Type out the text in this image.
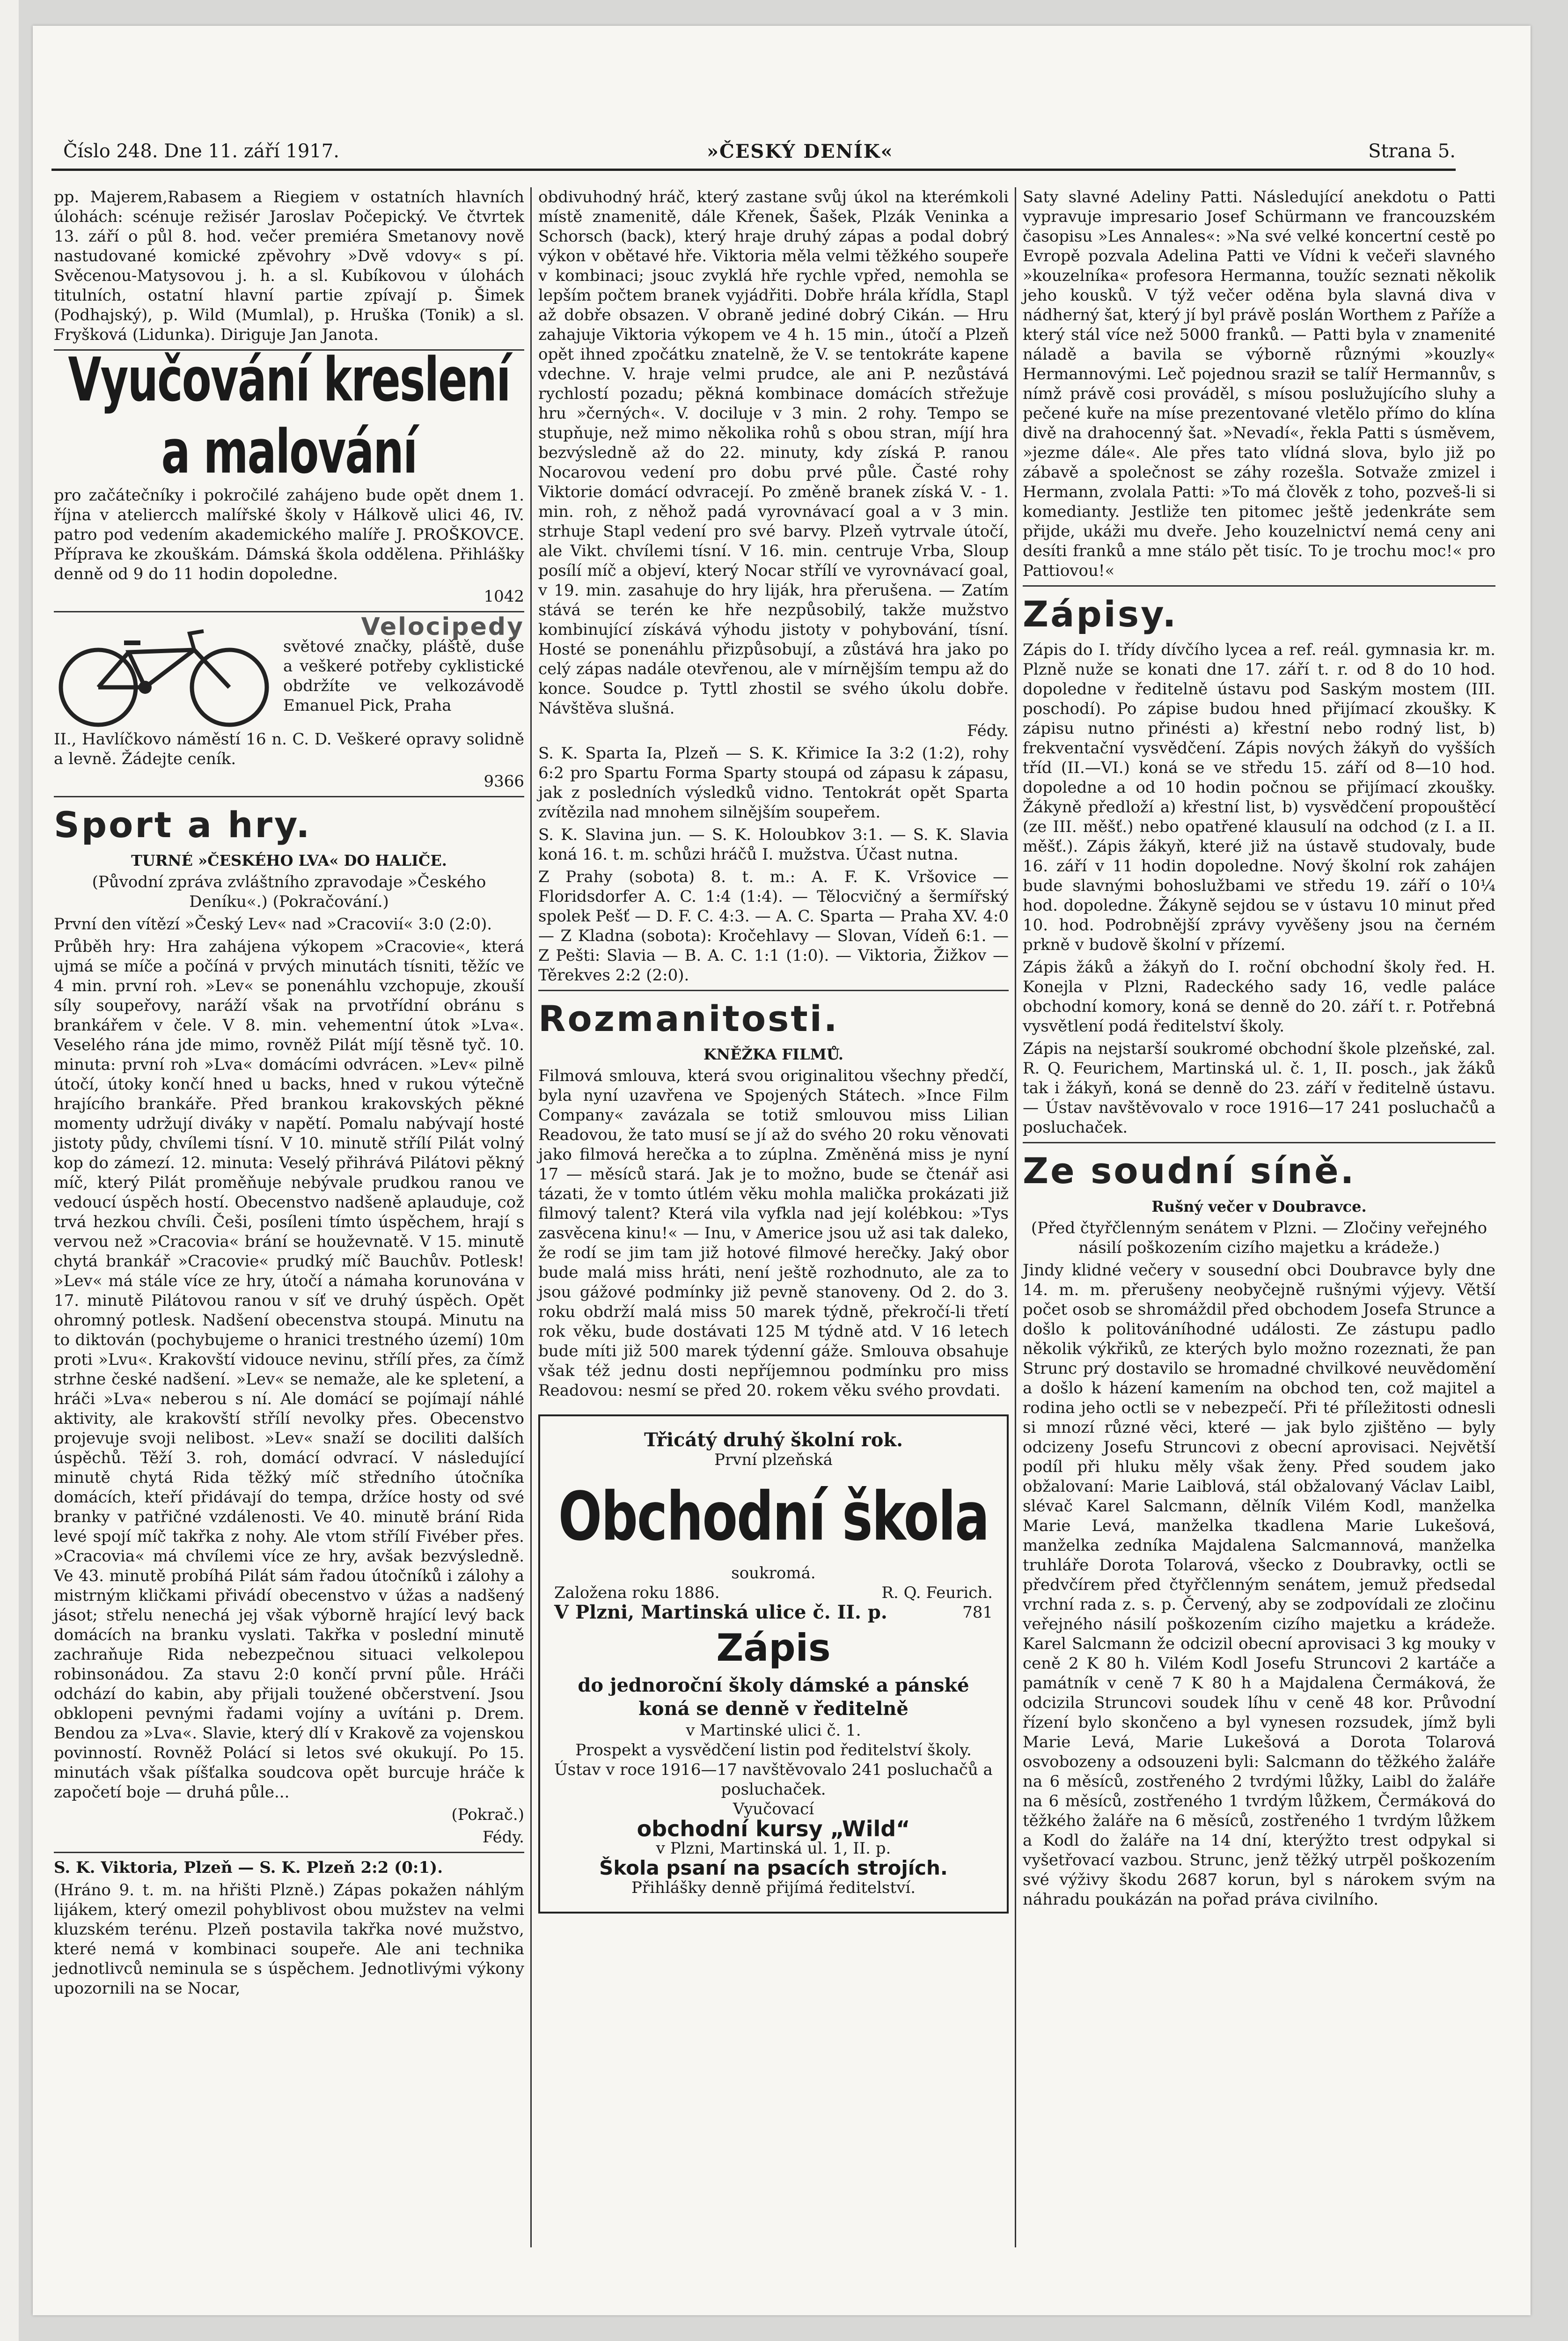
Číslo 248. Dne 11. září 1917.	»ČESKÝ DENÍK«	Strana 5.

pp. Majerem,Rabasem a Riegiem v ostatních hlavních úlohách: scénuje režisér Jaroslav Počepický. Ve čtvrtek 13. září o půl 8. hod. večer premiéra Smetanovy nově nastudované komické zpěvohry »Dvě vdovy« s pí. Svěcenou-Matysovou j. h. a sl. Kubíkovou v úlohách titulních, ostatní hlavní partie zpívají p. Šimek (Podhajský), p. Wild (Mumlal), p. Hruška (Tonik) a sl. Fryšková (Lidunka). Diriguje Jan Janota.

Vyučování kreslení a malování

pro začátečníky i pokročilé zahájeno bude opět dnem 1. října v ateliercch malířské školy v Hálkově ulici 46, IV. patro pod vedením akademického malíře J. PROŠKOVCE. Příprava ke zkouškám. Dámská škola oddělena. Přihlášky denně od 9 do 11 hodin dopoledne.

1042

Velocipedy

světové značky, pláště, duše a veškeré potřeby cyklistické obdržíte ve velkozávodě Emanuel Pick, Praha

II., Havlíčkovo náměstí 16 n. C. D. Veškeré opravy solidně a levně. Žádejte ceník.

9366

Sport a hry.
TURNÉ »ČESKÉHO LVA« DO HALIČE.

(Původní zpráva zvláštního zpravodaje »Českého Deníku«.) (Pokračování.)

První den vítězí »Český Lev« nad »Cracovií« 3:0 (2:0).

Průběh hry: Hra zahájena výkopem »Cracovie«, která ujmá se míče a počíná v prvých minutách tísniti, těžíc ve 4 min. první roh. »Lev« se ponenáhlu vzchopuje, zkouší síly soupeřovy, naráží však na prvotřídní obránu s brankářem v čele. V 8. min. vehementní útok »Lva«. Veselého rána jde mimo, rovněž Pilát míjí těsně tyč. 10. minuta: první roh »Lva« domácími odvrácen. »Lev« pilně útočí, útoky končí hned u backs, hned v rukou výtečně hrajícího brankáře. Před brankou krakovských pěkné momenty udržují diváky v napětí. Pomalu nabývají hosté jistoty půdy, chvílemi tísní. V 10. minutě střílí Pilát volný kop do zámezí. 12. minuta: Veselý přihrává Pilátovi pěkný míč, který Pilát proměňuje nebývale prudkou ranou ve vedoucí úspěch hostí. Obecenstvo nadšeně aplauduje, což trvá hezkou chvíli. Češi, posíleni tímto úspěchem, hrají s vervou než »Cracovia« brání se houževnatě. V 15. minutě chytá brankář »Cracovie« prudký míč Bauchův. Potlesk! »Lev« má stále více ze hry, útočí a námaha korunována v 17. minutě Pilátovou ranou v síť ve druhý úspěch. Opět ohromný potlesk. Nadšení obecenstva stoupá. Minutu na to diktován (pochybujeme o hranici trestného území) 10m proti »Lvu«. Krakovští vidouce nevinu, střílí přes, za čímž strhne české nadšení. »Lev« se nemaže, ale ke spletení, a hráči »Lva« neberou s ní. Ale domácí se pojímají náhlé aktivity, ale krakovští střílí nevolky přes. Obecenstvo projevuje svoji nelibost. »Lev« snaží se dociliti dalších úspěchů. Těží 3. roh, domácí odvrací. V následující minutě chytá Rida těžký míč středního útočníka domácích, kteří přidávají do tempa, držíce hosty od své branky v patřičné vzdálenosti. Ve 40. minutě brání Rida levé spojí míč takřka z nohy. Ale vtom střílí Fivéber přes. »Cracovia« má chvílemi více ze hry, avšak bezvýsledně. Ve 43. minutě probíhá Pilát sám řadou útočníků i zálohy a mistrným kličkami přivádí obecenstvo v úžas a nadšený jásot; střelu nenechá jej však výborně hrající levý back domácích na branku vyslati. Takřka v poslední minutě zachraňuje Rida nebezpečnou situaci velkolepou robinsonádou. Za stavu 2:0 končí první půle. Hráči odchází do kabin, aby přijali toužené občerstvení. Jsou obklopeni pevnými řadami vojíny a uvítáni p. Drem. Bendou za »Lva«. Slavie, který dlí v Krakově za vojenskou povinností. Rovněž Polácí si letos své okukují. Po 15. minutách však píšťalka soudcova opět burcuje hráče k započetí boje — druhá půle...

(Pokrač.)

Fédy.

S. K. Viktoria, Plzeň — S. K. Plzeň 2:2 (0:1).

(Hráno 9. t. m. na hřišti Plzně.) Zápas pokažen náhlým lijákem, který omezil pohyblivost obou mužstev na velmi kluzském terénu. Plzeň postavila takřka nové mužstvo, které nemá v kombinaci soupeře. Ale ani technika jednotlivců neminula se s úspěchem. Jednotlivými výkony upozornili na se Nocar,

obdivuhodný hráč, který zastane svůj úkol na kterémkoli místě znamenitě, dále Křenek, Šašek, Plzák Veninka a Schorsch (back), který hraje druhý zápas a podal dobrý výkon v obětavé hře. Viktoria měla velmi těžkého soupeře v kombinaci; jsouc zvyklá hře rychle vpřed, nemohla se lepším počtem branek vyjádřiti. Dobře hrála křídla, Stapl až dobře obsazen. V obraně jediné dobrý Cikán. — Hru zahajuje Viktoria výkopem ve 4 h. 15 min., útočí a Plzeň opět ihned zpočátku znatelně, že V. se tentokráte kapene vdechne. V. hraje velmi prudce, ale ani P. nezůstává rychlostí pozadu; pěkná kombinace domácích střežuje hru »černých«. V. dociluje v 3 min. 2 rohy. Tempo se stupňuje, než mimo několika rohů s obou stran, míjí hra bezvýsledně až do 22. minuty, kdy získá P. ranou Nocarovou vedení pro dobu prvé půle. Časté rohy Viktorie domácí odvracejí. Po změně branek získá V. - 1. min. roh, z něhož padá vyrovnávací goal a v 3 min. strhuje Stapl vedení pro své barvy. Plzeň vytrvale útočí, ale Vikt. chvílemi tísní. V 16. min. centruje Vrba, Sloup posílí míč a objeví, který Nocar střílí ve vyrovnávací goal, v 19. min. zasahuje do hry liják, hra přerušena. — Zatím stává se terén ke hře nezpůsobilý, takže mužstvo kombinující získává výhodu jistoty v pohybování, tísní. Hosté se ponenáhlu přizpůsobují, a zůstává hra jako po celý zápas nadále otevřenou, ale v mírnějším tempu až do konce. Soudce p. Tyttl zhostil se svého úkolu dobře. Návštěva slušná.

Fédy.

S. K. Sparta Ia, Plzeň — S. K. Křimice Ia 3:2 (1:2), rohy 6:2 pro Spartu Forma Sparty stoupá od zápasu k zápasu, jak z posledních výsledků vidno. Tentokrát opět Sparta zvítězila nad mnohem silnějším soupeřem.

S. K. Slavina jun. — S. K. Holoubkov 3:1. — S. K. Slavia koná 16. t. m. schůzi hráčů I. mužstva. Účast nutna.

Z Prahy (sobota) 8. t. m.: A. F. K. Vršovice — Floridsdorfer A. C. 1:4 (1:4). — Tělocvičný a šermířský spolek Pešť — D. F. C. 4:3. — A. C. Sparta — Praha XV. 4:0 — Z Kladna (sobota): Kročehlavy — Slovan, Vídeň 6:1. — Z Pešti: Slavia — B. A. C. 1:1 (1:0). — Viktoria, Žižkov — Těrekves 2:2 (2:0).

Rozmanitosti.
KNĚŽKA FILMŮ.

Filmová smlouva, která svou originalitou všechny předčí, byla nyní uzavřena ve Spojených Státech. »Ince Film Company« zavázala se totiž smlouvou miss Lilian Readovou, že tato musí se jí až do svého 20 roku věnovati jako filmová herečka a to zúplna. Změněná miss je nyní 17 — měsíců stará. Jak je to možno, bude se čtenář asi tázati, že v tomto útlém věku mohla malička prokázati již filmový talent? Která vila vyfkla nad její kolébkou: »Tys zasvěcena kinu!« — Inu, v Americe jsou už asi tak daleko, že rodí se jim tam již hotové filmové herečky. Jaký obor bude malá miss hráti, není ještě rozhodnuto, ale za to jsou gážové podmínky již pevně stanoveny. Od 2. do 3. roku obdrží malá miss 50 marek týdně, překročí-li třetí rok věku, bude dostávati 125 M týdně atd. V 16 letech bude míti již 500 marek týdenní gáže. Smlouva obsahuje však též jednu dosti nepříjemnou podmínku pro miss Readovou: nesmí se před 20. rokem věku svého provdati.

Třicátý druhý školní rok.
První plzeňská
Obchodní škola
soukromá.
Založena roku 1886.	R. Q. Feurich.
V Plzni, Martinská ulice č. II. p.	781
Zápis
do jednoroční školy dámské a pánské koná se denně v ředitelně
v Martinské ulici č. 1.
Prospekt a vysvědčení listin pod ředitelství školy.
Ústav v roce 1916—17 navštěvovalo 241 posluchačů a posluchaček.
Vyučovací
obchodní kursy „Wild“
v Plzni, Martinská ul. 1, II. p.
Škola psaní na psacích strojích.
Přihlášky denně přijímá ředitelství.

Saty slavné Adeliny Patti. Následující anekdotu o Patti vypravuje impresario Josef Schürmann ve francouzském časopisu »Les Annales«: »Na své velké koncertní cestě po Evropě pozvala Adelina Patti ve Vídni k večeři slavného »kouzelníka« profesora Hermanna, toužíc seznati několik jeho kousků. V týž večer oděna byla slavná diva v nádherný šat, který jí byl právě poslán Worthem z Paříže a který stál více než 5000 franků. — Patti byla v znamenité náladě a bavila se výborně různými »kouzly« Hermannovými. Leč pojednou sraził se talíř Hermannův, s nímž právě cosi prováděl, s mísou poslužujícího sluhy a pečené kuře na míse prezentované vletělo přímo do klína divě na drahocenný šat. »Nevadí«, řekla Patti s úsměvem, »jezme dále«. Ale přes tato vlídná slova, bylo již po zábavě a společnost se záhy rozešla. Sotvaže zmizel i Hermann, zvolala Patti: »To má člověk z toho, pozveš-li si komedianty. Jestliže ten pitomec ještě jedenkráte sem přijde, ukáži mu dveře. Jeho kouzelnictví nemá ceny ani desíti franků a mne stálo pět tisíc. To je trochu moc!« pro Pattiovou!«

Zápisy.

Zápis do I. třídy dívčího lycea a ref. reál. gymnasia kr. m. Plzně nuže se konati dne 17. září t. r. od 8 do 10 hod. dopoledne v ředitelně ústavu pod Saským mostem (III. poschodí). Po zápise budou hned přijímací zkoušky. K zápisu nutno přinésti a) křestní nebo rodný list, b) frekventační vysvědčení. Zápis nových žákyň do vyšších tříd (II.—VI.) koná se ve středu 15. září od 8—10 hod. dopoledne a od 10 hodin počnou se přijímací zkoušky. Žákyně předloží a) křestní list, b) vysvědčení propouštěcí (ze III. měšť.) nebo opatřené klausulí na odchod (z I. a II. měšť.). Zápis žákyň, které již na ústavě studovaly, bude 16. září v 11 hodin dopoledne. Nový školní rok zahájen bude slavnými bohoslužbami ve středu 19. září o 10¼ hod. dopoledne. Žákyně sejdou se v ústavu 10 minut před 10. hod. Podrobnější zprávy vyvěšeny jsou na černém prkně v budově školní v přízemí.

Zápis žáků a žákyň do I. roční obchodní školy řed. H. Konejla v Plzni, Radeckého sady 16, vedle paláce obchodní komory, koná se denně do 20. září t. r. Potřebná vysvětlení podá ředitelství školy.

Zápis na nejstarší soukromé obchodní škole plzeňské, zal. R. Q. Feurichem, Martinská ul. č. 1, II. posch., jak žáků tak i žákyň, koná se denně do 23. září v ředitelně ústavu. — Ústav navštěvovalo v roce 1916—17 241 posluchačů a posluchaček.

Ze soudní síně.
Rušný večer v Doubravce.

(Před čtyřčlenným senátem v Plzni. — Zločiny veřejného násilí poškozením cizího majetku a krádeže.)

Jindy klidné večery v sousední obci Doubravce byly dne 14. m. m. přerušeny neobyčejně rušnými výjevy. Větší počet osob se shromáždil před obchodem Josefa Strunce a došlo k politováníhodné události. Ze zástupu padlo několik výkřiků, ze kterých bylo možno rozeznati, že pan Strunc prý dostavilo se hromadné chvilkové neuvědomění a došlo k házení kamením na obchod ten, což majitel a rodina jeho octli se v nebezpečí. Při té příležitosti odnesli si mnozí různé věci, které — jak bylo zjištěno — byly odcizeny Josefu Struncovi z obecní aprovisaci. Největší podíl při hluku měly však ženy. Před soudem jako obžalovaní: Marie Laiblová, stál obžalovaný Václav Laibl, slévač Karel Salcmann, dělník Vilém Kodl, manželka Marie Levá, manželka tkadlena Marie Lukešová, manželka zedníka Majdalena Salcmannová, manželka truhláře Dorota Tolarová, všecko z Doubravky, octli se předvčírem před čtyřčlenným senátem, jemuž předsedal vrchní rada z. s. p. Červený, aby se zodpovídali ze zločinu veřejného násilí poškozením cizího majetku a krádeže. Karel Salcmann že odcizil obecní aprovisaci 3 kg mouky v ceně 2 K 80 h. Vilém Kodl Josefu Struncovi 2 kartáče a památník v ceně 7 K 80 h a Majdalena Čermáková, že odcizila Struncovi soudek líhu v ceně 48 kor. Průvodní řízení bylo skončeno a byl vynesen rozsudek, jímž byli Marie Levá, Marie Lukešová a Dorota Tolarová osvobozeny a odsouzeni byli: Salcmann do těžkého žaláře na 6 měsíců, zostřeného 2 tvrdými lůžky, Laibl do žaláře na 6 měsíců, zostřeného 1 tvrdým lůžkem, Čermáková do těžkého žaláře na 6 měsíců, zostřeného 1 tvrdým lůžkem a Kodl do žaláře na 14 dní, kterýžto trest odpykal si vyšetřovací vazbou. Strunc, jenž těžký utrpěl poškozením své výživy škodu 2687 korun, byl s nárokem svým na náhradu poukázán na pořad práva civilního.
